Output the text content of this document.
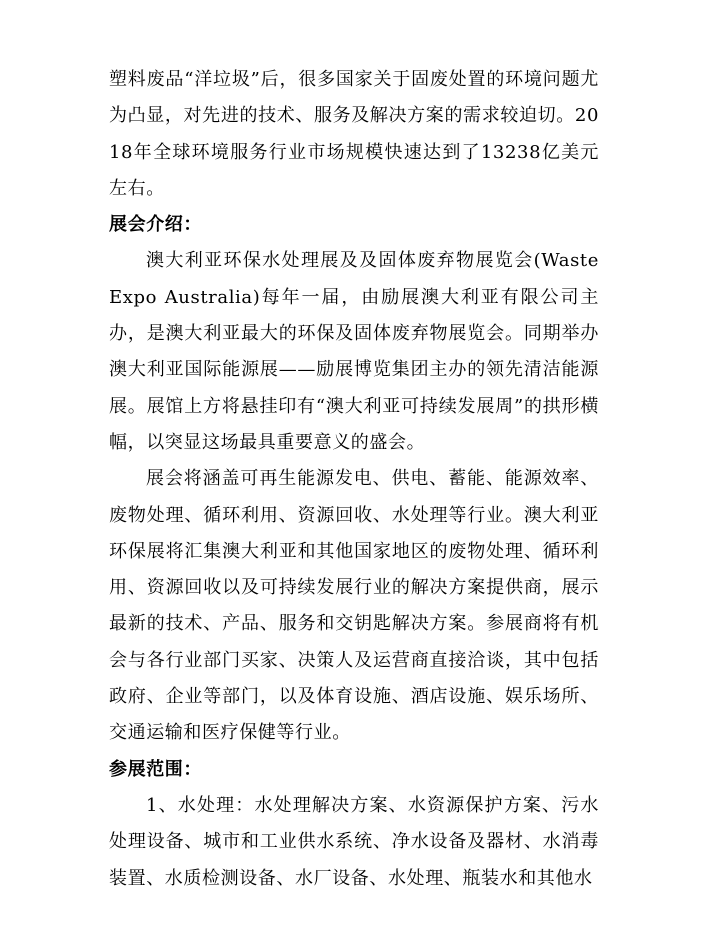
塑料废品“洋垃圾”后，很多国家关于固废处置的环境问题尤为凸显，对先进的技术、服务及解决方案的需求较迫切。2018年全球环境服务行业市场规模快速达到了13238亿美元左右。

展会介绍：

澳大利亚环保水处理展及及固体废弃物展览会(Waste Expo Australia)每年一届，由励展澳大利亚有限公司主办，是澳大利亚最大的环保及固体废弃物展览会。同期举办澳大利亚国际能源展——励展博览集团主办的领先清洁能源展。展馆上方将悬挂印有“澳大利亚可持续发展周”的拱形横幅，以突显这场最具重要意义的盛会。

展会将涵盖可再生能源发电、供电、蓄能、能源效率、废物处理、循环利用、资源回收、水处理等行业。澳大利亚环保展将汇集澳大利亚和其他国家地区的废物处理、循环利用、资源回收以及可持续发展行业的解决方案提供商，展示最新的技术、产品、服务和交钥匙解决方案。参展商将有机会与各行业部门买家、决策人及运营商直接洽谈，其中包括政府、企业等部门，以及体育设施、酒店设施、娱乐场所、交通运输和医疗保健等行业。

参展范围：

1、水处理：水处理解决方案、水资源保护方案、污水处理设备、城市和工业供水系统、净水设备及器材、水消毒装置、水质检测设备、水厂设备、水处理、瓶装水和其他水
